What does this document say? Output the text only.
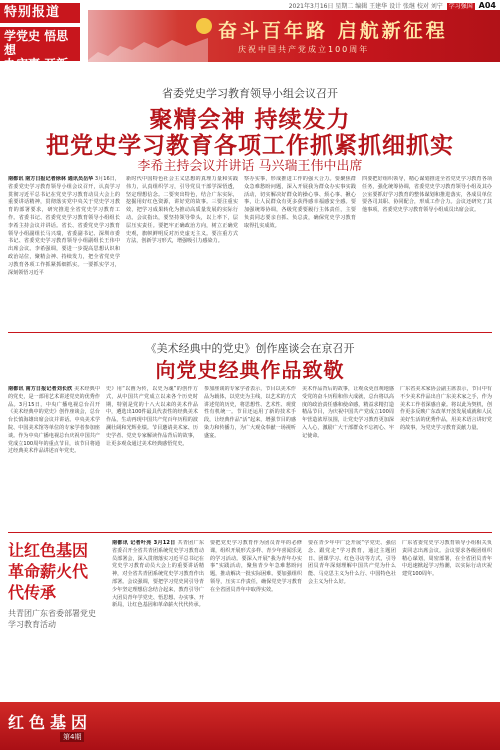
2021年3月16日 星期二 编辑 王建华 设计 张继 校对 刘宁 学习强国 A04
特别报道
学党史 悟思想
办实事 开新局
奋斗百年路 启航新征程
庆祝中国共产党成立100周年
省委党史学习教育领导小组会议召开
聚精会神 持续发力
把党史学习教育各项工作抓紧抓细抓实
李希主持会议并讲话 马兴瑞王伟中出席
南都讯 南方日报记者徐林 通讯员岳华 3月16日，省委党史学习教育领导小组会议召开，认真学习贯彻习近平总书记在党史学习教育动员大会上的重要讲话精神，贯彻落实党中央关于党史学习教育的部署要求，研究推进全省党史学习教育工作。省委书记、省委党史学习教育领导小组组长李希主持会议并讲话。省长、省委党史学习教育领导小组副组长马兴瑞，省委副书记、深圳市委书记、省委党史学习教育领导小组副组长王伟中出席会议。李希强调，要进一步提高思想认识和政治站位，聚精会神、持续发力，把全省党史学习教育各项工作抓紧抓细抓实。一要抓实学习，深刻领悟习近平
新时代中国特色社会主义思想的真理力量和实践伟力，认真组织学习，引导党员干部学深悟透，坚定理想信念。二要突出特色，结合广东实际，挖掘用好红色资源，讲好党的故事。三要注重实效，把学习成果转化为推动高质量发展的实际行动。会议指出，要坚持领导带头，以上率下，层层压实责任。要把牢正确政治方向，树立正确党史观，旗帜鲜明反对历史虚无主义。要注重方式方法，创新学习形式，增强吸引力感染力。
察办实事，形成推进工作的强大合力。要聚焦群众急难愁盼问题，深入开展我为群众办实事实践活动，切实解决好群众的操心事、烦心事、揪心事，让人民群众有更多获得感幸福感安全感。要加强统筹协调，各级党委要履行主体责任，主要负责同志要亲自抓、负总责，确保党史学习教育取得扎实成效。
四要把好组织领导，精心谋划推进全省党史学习教育各项任务，强化统筹协调，省委党史学习教育领导小组及其办公室要抓好学习教育的整体谋划和推进落实，各成员单位要各司其职、协同配合，形成工作合力。会议还研究了其他事项，省委党史学习教育领导小组成员出席会议。
《美术经典中的党史》创作座谈会在京召开
向党史经典作品致敬
南都讯 南方日报记者刘长欣 美术经典中的党史，是一部用艺术讲述党史的优秀作品。3月15日，中央广播电视总台召开《美术经典中的党史》创作座谈会，总台台长慎海雄出席会议并讲话。中央美术学院、中国美术馆等单位的专家学者参加座谈。作为中央广播电视总台庆祝中国共产党成立100周年的重点节目，该节目将通过经典美术作品讲述百年党史。
史》用“以画为传，以史为魂”的创作方式，从中国共产党成立以来各个历史时期，特别是党的十八大以来的美术作品中，遴选出100件最具代表性的经典美术作品，生动再现中国共产党百年历程的波澜壮阔和光辉业绩。节目邀请美术家、历史学者、党史专家解读作品背后的故事，让更多观众通过美术经典感悟党史。
参加座谈的专家学者表示，节目以美术作品为载体，以党史为主线，以艺术的方式讲述党的历史，将思想性、艺术性、观赏性有机统一。节目还运用了新的技术手段，让经典作品“活”起来，增强节目的感染力和传播力，为广大观众奉献一场视听盛宴。
美术作品背后的故事，让观众更直观地感受党的奋斗历程和伟大成就，总台将以高度的政治责任感和使命感，精益求精打造精品节目，为庆祝中国共产党成立100周年营造浓厚氛围，让党史学习教育更加深入人心，激励广大干部群众不忘初心、牢记使命。
广东省美术家协会副主席表示，节目中有不少美术作品出自广东美术家之手，作为美术工作者深感自豪。将以此为契机，创作更多反映广东改革开放发展成就和人民美好生活的优秀作品，用美术语言讲好党的故事，为党史学习教育贡献力量。
让红色基因革命薪火代代传承
共青团广东省委部署党史学习教育活动
南都讯 记者叶亮 3月12日 共青团广东省委召开全省共青团系统党史学习教育动员部署会，深入贯彻落实习近平总书记在党史学习教育动员大会上的重要讲话精神，对全省共青团系统党史学习教育作出部署。会议强调，要把学习党史同引导青少年坚定理想信念结合起来，教育引导广大团员青年学党史、悟思想、办实事、开新局，让红色基因和革命薪火代代传承。
要把党史学习教育作为团员青年的必修课，组织开展形式多样、青少年喜闻乐见的学习活动。要深入开展“我为青年办实事”实践活动，聚焦青少年急难愁盼问题，推动解决一批实际困难。要加强组织领导，压实工作责任，确保党史学习教育在全省团员青年中取得实效。
要在青少年中广泛开展“学党史、强信念、跟党走”学习教育，通过主题团日、团课学习、红色寻访等方式，引导团员青年深刻理解中国共产党为什么能、马克思主义为什么行、中国特色社会主义为什么好。
广东省委党史学习教育领导小组相关负责同志出席会议。会议要求各级团组织精心谋划，周密部署，在全省团员青年中迅速掀起学习热潮，以实际行动庆祝建党100周年。
红色基因
第4期
